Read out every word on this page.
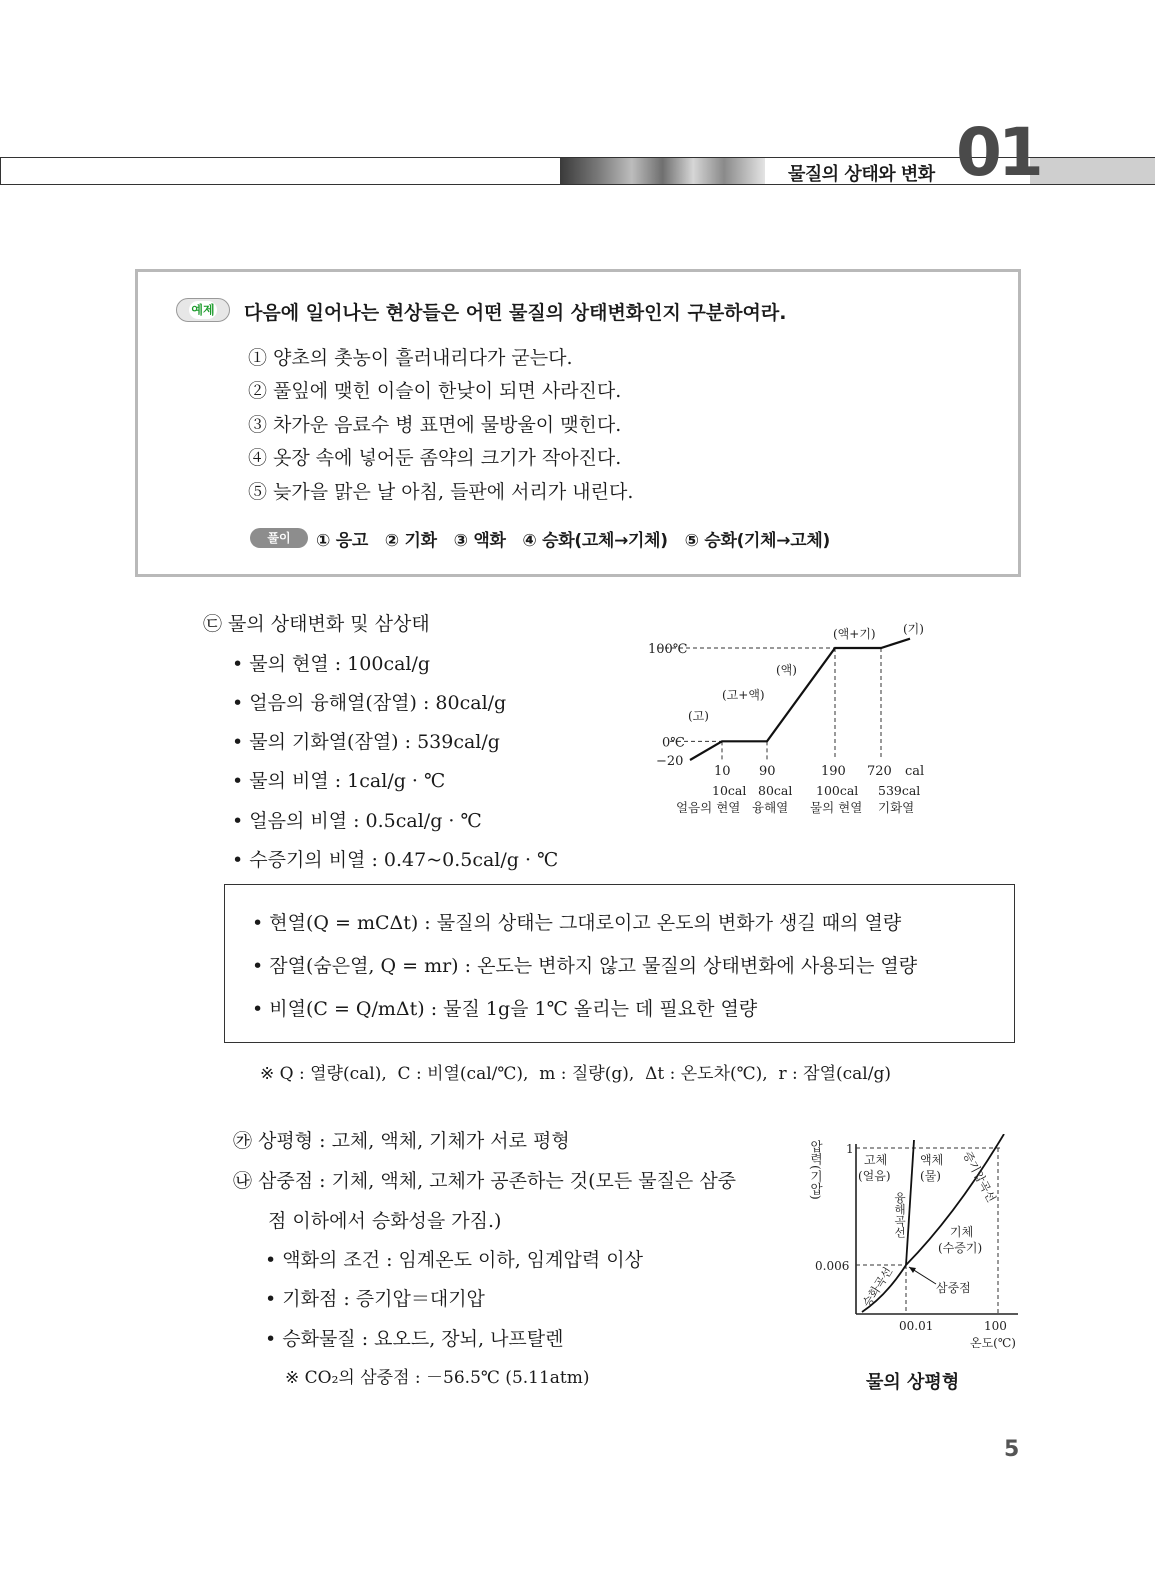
물질의 상태와 변화 01
예제 다음에 일어나는 현상들은 어떤 물질의 상태변화인지 구분하여라.
① 양초의 촛농이 흘러내리다가 굳는다.
② 풀잎에 맺힌 이슬이 한낮이 되면 사라진다.
③ 차가운 음료수 병 표면에 물방울이 맺힌다.
④ 옷장 속에 넣어둔 좀약의 크기가 작아진다.
⑤ 늦가을 맑은 날 아침, 들판에 서리가 내린다.
풀이	① 응고   ② 기화   ③ 액화   ④ 승화(고체→기체)   ⑤ 승화(기체→고체)
㉢ 물의 상태변화 및 삼상태
• 물의 현열 : 100cal/g
• 얼음의 융해열(잠열) : 80cal/g
• 물의 기화열(잠열) : 539cal/g
• 물의 비열 : 1cal/g · ℃
• 얼음의 비열 : 0.5cal/g · ℃
• 수증기의 비열 : 0.47~0.5cal/g · ℃
100℃
0℃
−20
10 90	190 720 cal
(고)
(고+액)
(액)
(액+기) (기)
10cal
얼음의 현열
80cal
융해열
100cal
물의 현열
539cal
기화열
• 현열(Q = mCΔt) : 물질의 상태는 그대로이고 온도의 변화가 생길 때의 열량
• 잠열(숨은열, Q = mr) : 온도는 변하지 않고 물질의 상태변화에 사용되는 열량
• 비열(C = Q/mΔt) : 물질 1g을 1℃ 올리는 데 필요한 열량
※ Q : 열량(cal),  C : 비열(cal/℃),  m : 질량(g),  Δt : 온도차(℃),  r : 잠열(cal/g)
㉮ 상평형 : 고체, 액체, 기체가 서로 평형
㉯ 삼중점 : 기체, 액체, 고체가 공존하는 것(모든 물질은 삼중
점 이하에서 승화성을 가짐.)
• 액화의 조건 : 임계온도 이하, 임계압력 이상
• 기화점 : 증기압＝대기압
• 승화물질 : 요오드, 장뇌, 나프탈렌
※ CO₂의 삼중점 : －56.5℃ (5.11atm)
1
0.006
00.01	100
온도(℃)
압력(기압)	고체
(얼음)
액체
(물)
기체
(수증기)
융해곡선
증기압곡선
승화곡선	삼중점
물의 상평형
5
